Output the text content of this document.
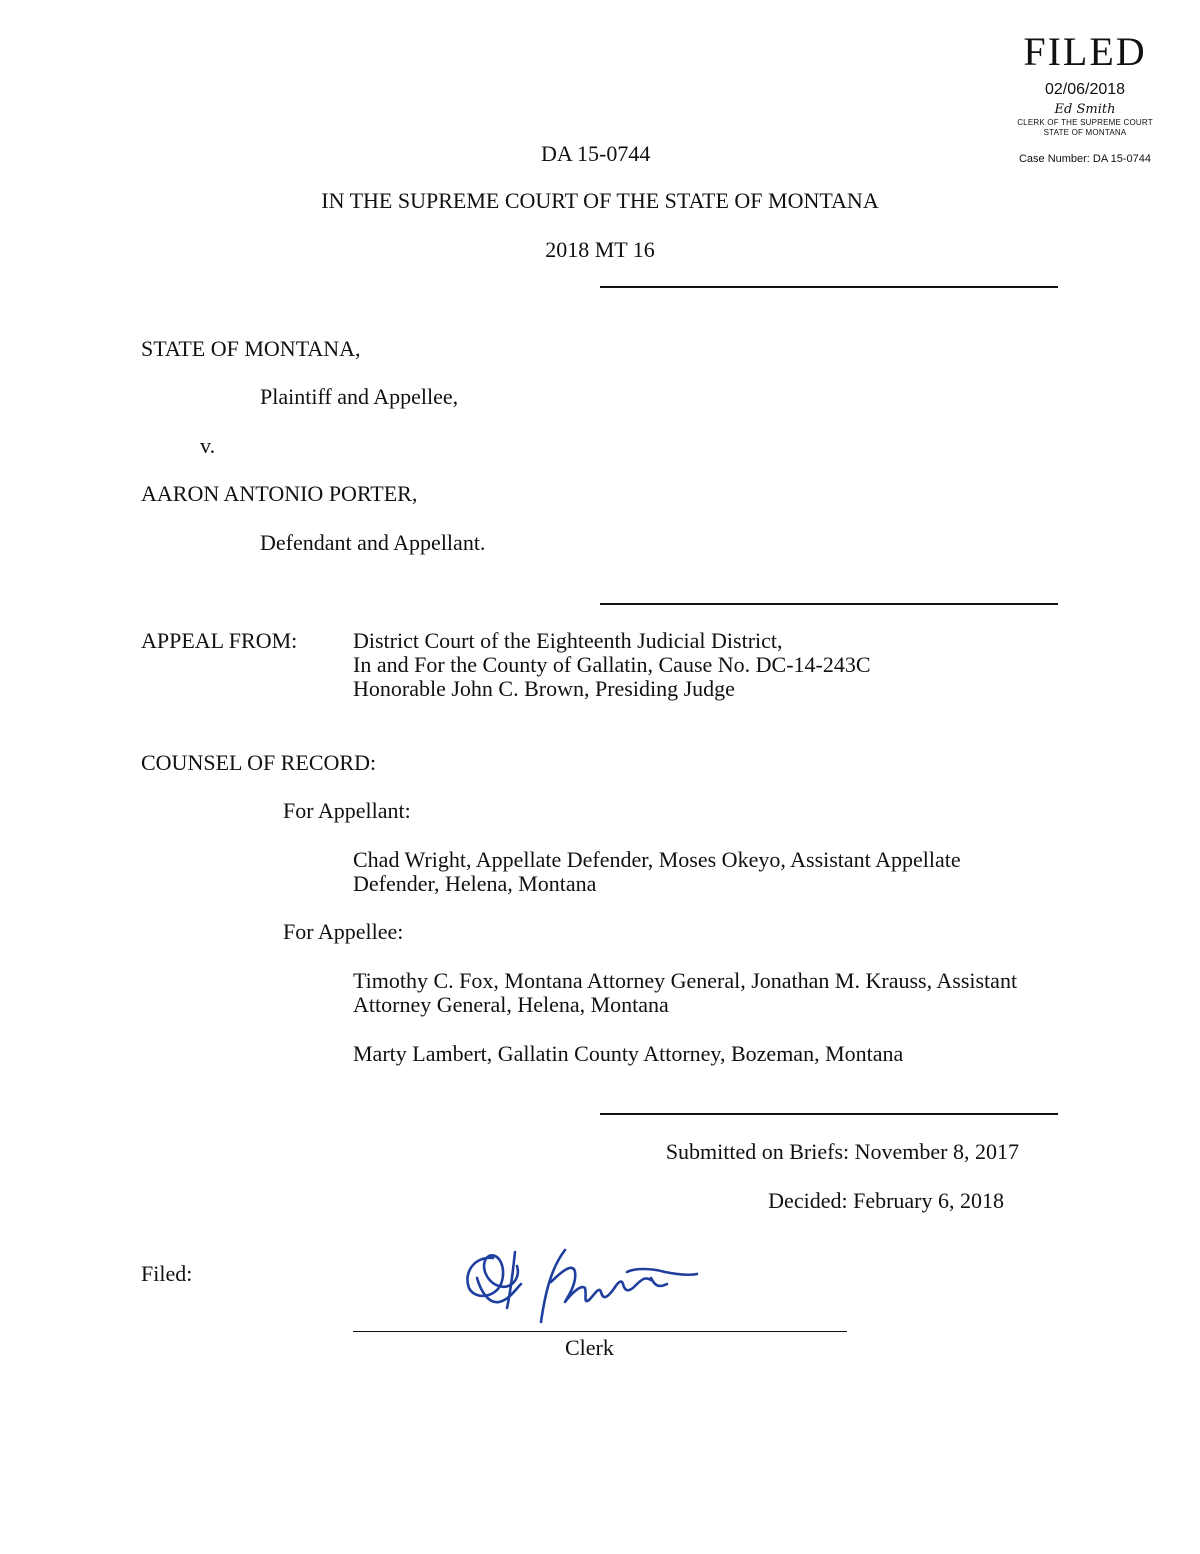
FILED
02/06/2018
Ed Smith
CLERK OF THE SUPREME COURT
STATE OF MONTANA
Case Number: DA 15-0744
DA 15-0744
IN THE SUPREME COURT OF THE STATE OF MONTANA
2018 MT 16
STATE OF MONTANA,
Plaintiff and Appellee,
v.
AARON ANTONIO PORTER,
Defendant and Appellant.
APPEAL FROM:	District Court of the Eighteenth Judicial District,

In and For the County of Gallatin, Cause No. DC-14-243C

Honorable John C. Brown, Presiding Judge

COUNSEL OF RECORD:
For Appellant:

Chad Wright, Appellate Defender, Moses Okeyo, Assistant Appellate

Defender, Helena, Montana

For Appellee:

Timothy C. Fox, Montana Attorney General, Jonathan M. Krauss, Assistant

Attorney General, Helena, Montana

Marty Lambert, Gallatin County Attorney, Bozeman, Montana
Submitted on Briefs: November 8, 2017
Decided: February 6, 2018
Filed:
Clerk
